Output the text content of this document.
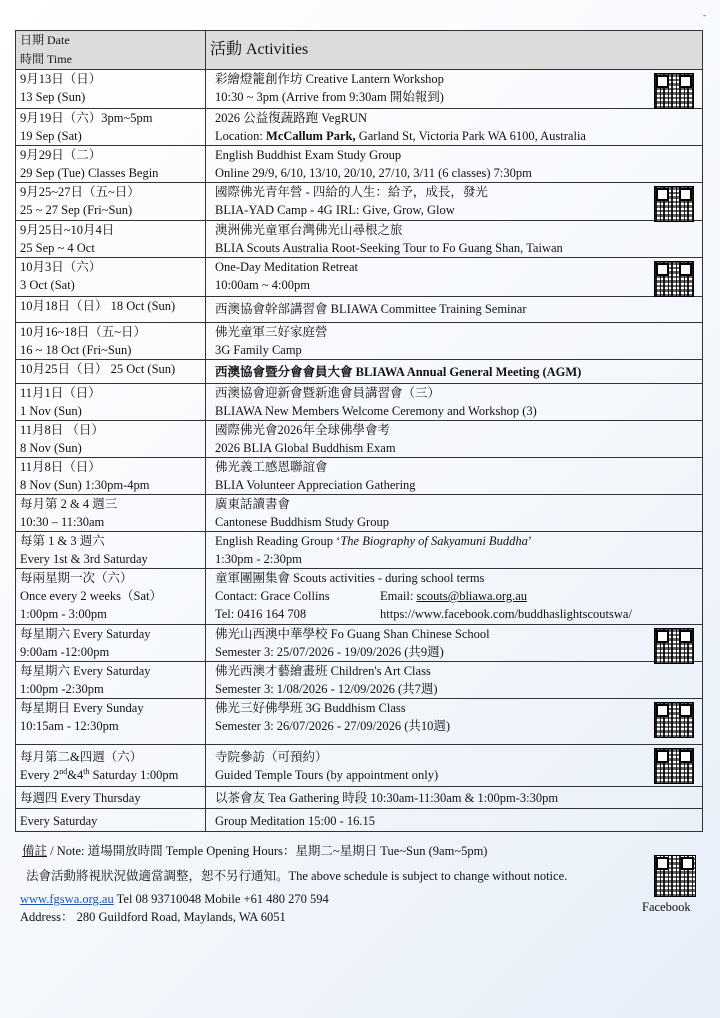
-
日期 Date
時間 Time	活動 Activities

9月13日（日）
13 Sep (Sun)	彩繪燈籠創作坊 Creative Lantern Workshop
10:30 ~ 3pm (Arrive from 9:30am 開始報到)

9月19日（六）3pm~5pm
19 Sep (Sat)	2026 公益復蔬路跑 VegRUN
Location: McCallum Park, Garland St, Victoria Park WA 6100, Australia

9月29日（二）
29 Sep (Tue) Classes Begin	English Buddhist Exam Study Group
Online 29/9, 6/10, 13/10, 20/10, 27/10, 3/11 (6 classes) 7:30pm

9月25~27日（五~日）
25 ~ 27 Sep (Fri~Sun)	國際佛光青年營 - 四給的人生：給予，成長，發光
BLIA-YAD Camp - 4G IRL: Give, Grow, Glow

9月25日~10月4日
25 Sep ~ 4 Oct	澳洲佛光童軍台灣佛光山尋根之旅
BLIA Scouts Australia Root-Seeking Tour to Fo Guang Shan, Taiwan

10月3日（六）
3 Oct (Sat)	One-Day Meditation Retreat
10:00am ~ 4:00pm

10月18日（日） 18 Oct (Sun)	西澳協會幹部講習會 BLIAWA Committee Training Seminar

10月16~18日（五~日）
16 ~ 18 Oct (Fri~Sun)	佛光童軍三好家庭營
3G Family Camp

10月25日（日） 25 Oct (Sun)	西澳協會暨分會會員大會 BLIAWA Annual General Meeting (AGM)

11月1日（日）
1 Nov (Sun)	西澳協會迎新會暨新進會員講習會（三）
BLIAWA New Members Welcome Ceremony and Workshop (3)

11月8日 （日）
8 Nov (Sun)	國際佛光會2026年全球佛學會考
2026 BLIA Global Buddhism Exam

11月8日（日）
8 Nov (Sun) 1:30pm-4pm	佛光義工感恩聯誼會
BLIA Volunteer Appreciation Gathering

每月第 2 & 4 週三
10:30 – 11:30am	廣東話讀書會
Cantonese Buddhism Study Group

每第 1 & 3 週六
Every 1st & 3rd Saturday	English Reading Group ‘The Biography of Sakyamuni Buddha’
1:30pm - 2:30pm

每兩星期一次（六）
Once every 2 weeks（Sat）
1:00pm - 3:00pm	童軍團團集會 Scouts activities - during school terms
Contact: Grace Collins Email: scouts@bliawa.org.au
Tel: 0416 164 708 https://www.facebook.com/buddhaslightscoutswa/

每星期六 Every Saturday
9:00am -12:00pm	佛光山西澳中華學校 Fo Guang Shan Chinese School
Semester 3: 25/07/2026 - 19/09/2026 (共9週)

每星期六 Every Saturday
1:00pm -2:30pm	佛光西澳才藝繪畫班 Children's Art Class
Semester 3: 1/08/2026 - 12/09/2026 (共7週)

每星期日 Every Sunday
10:15am - 12:30pm	佛光三好佛學班 3G Buddhism Class
Semester 3: 26/07/2026 - 27/09/2026 (共10週)

每月第二&四週（六）
Every 2nd&4th Saturday 1:00pm	寺院參訪（可預約）
Guided Temple Tours (by appointment only)

每週四 Every Thursday	以茶會友 Tea Gathering 時段 10:30am-11:30am & 1:00pm-3:30pm

Every Saturday	Group Meditation 15:00 - 16.15
備註 / Note: 道場開放時間 Temple Opening Hours：星期二~星期日 Tue~Sun (9am~5pm)
法會活動將視狀況做適當調整，恕不另行通知。The above schedule is subject to change without notice.
www.fgswa.org.au Tel 08 93710048 Mobile +61 480 270 594
Address： 280 Guildford Road, Maylands, WA 6051
Facebook
